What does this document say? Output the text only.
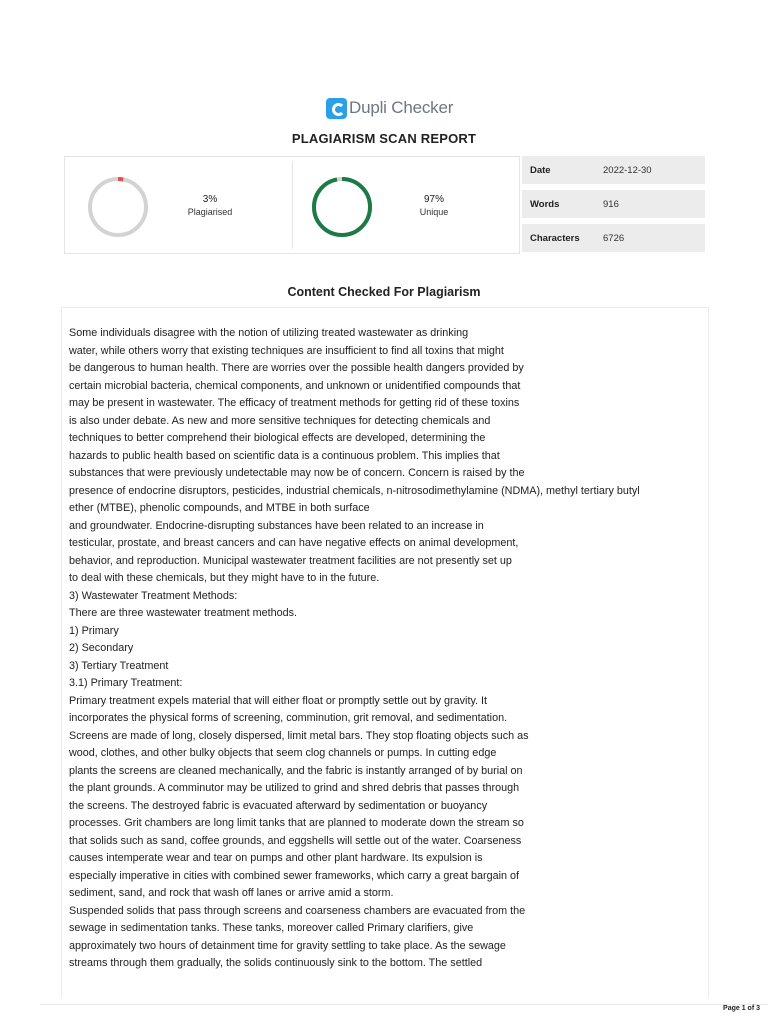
Dupli Checker
PLAGIARISM SCAN REPORT
3%
Plagiarised
97%
Unique
Date	2022-12-30
Words	916
Characters	6726
Content Checked For Plagiarism
Some individuals disagree with the notion of utilizing treated wastewater as drinking
water, while others worry that existing techniques are insufficient to find all toxins that might
be dangerous to human health. There are worries over the possible health dangers provided by
certain microbial bacteria, chemical components, and unknown or unidentified compounds that
may be present in wastewater. The efficacy of treatment methods for getting rid of these toxins
is also under debate. As new and more sensitive techniques for detecting chemicals and
techniques to better comprehend their biological effects are developed, determining the
hazards to public health based on scientific data is a continuous problem. This implies that
substances that were previously undetectable may now be of concern. Concern is raised by the
presence of endocrine disruptors, pesticides, industrial chemicals, n-nitrosodimethylamine (NDMA), methyl tertiary butyl
ether (MTBE), phenolic compounds, and MTBE in both surface
and groundwater. Endocrine-disrupting substances have been related to an increase in
testicular, prostate, and breast cancers and can have negative effects on animal development,
behavior, and reproduction. Municipal wastewater treatment facilities are not presently set up
to deal with these chemicals, but they might have to in the future.
3) Wastewater Treatment Methods:
There are three wastewater treatment methods.
1) Primary
2) Secondary
3) Tertiary Treatment
3.1) Primary Treatment:
Primary treatment expels material that will either float or promptly settle out by gravity. It
incorporates the physical forms of screening, comminution, grit removal, and sedimentation.
Screens are made of long, closely dispersed, limit metal bars. They stop floating objects such as
wood, clothes, and other bulky objects that seem clog channels or pumps. In cutting edge
plants the screens are cleaned mechanically, and the fabric is instantly arranged of by burial on
the plant grounds. A comminutor may be utilized to grind and shred debris that passes through
the screens. The destroyed fabric is evacuated afterward by sedimentation or buoyancy
processes. Grit chambers are long limit tanks that are planned to moderate down the stream so
that solids such as sand, coffee grounds, and eggshells will settle out of the water. Coarseness
causes intemperate wear and tear on pumps and other plant hardware. Its expulsion is
especially imperative in cities with combined sewer frameworks, which carry a great bargain of
sediment, sand, and rock that wash off lanes or arrive amid a storm.
Suspended solids that pass through screens and coarseness chambers are evacuated from the
sewage in sedimentation tanks. These tanks, moreover called Primary clarifiers, give
approximately two hours of detainment time for gravity settling to take place. As the sewage
streams through them gradually, the solids continuously sink to the bottom. The settled
Page 1 of 3
